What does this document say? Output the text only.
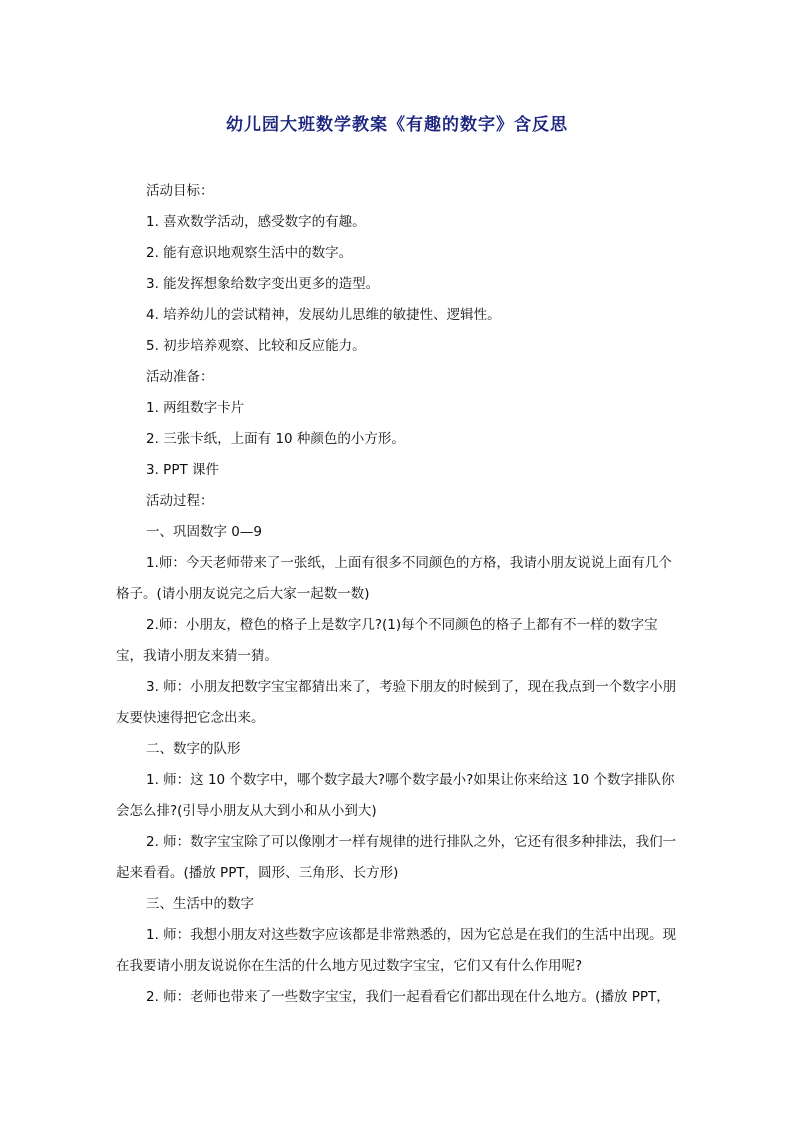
幼儿园大班数学教案《有趣的数字》含反思

活动目标：

1. 喜欢数学活动，感受数字的有趣。

2. 能有意识地观察生活中的数字。

3. 能发挥想象给数字变出更多的造型。

4. 培养幼儿的尝试精神，发展幼儿思维的敏捷性、逻辑性。

5. 初步培养观察、比较和反应能力。

活动准备：

1. 两组数字卡片

2. 三张卡纸，上面有 10 种颜色的小方形。

3. PPT 课件

活动过程：

一、巩固数字 0—9

1.师：今天老师带来了一张纸，上面有很多不同颜色的方格，我请小朋友说说上面有几个格子。(请小朋友说完之后大家一起数一数)

2.师：小朋友，橙色的格子上是数字几?(1)每个不同颜色的格子上都有不一样的数字宝宝，我请小朋友来猜一猜。

3. 师：小朋友把数字宝宝都猜出来了，考验下朋友的时候到了，现在我点到一个数字小朋友要快速得把它念出来。

二、数字的队形

1. 师：这 10 个数字中，哪个数字最大?哪个数字最小?如果让你来给这 10 个数字排队你会怎么排?(引导小朋友从大到小和从小到大)

2. 师：数字宝宝除了可以像刚才一样有规律的进行排队之外，它还有很多种排法，我们一起来看看。(播放 PPT，圆形、三角形、长方形)

三、生活中的数字

1. 师：我想小朋友对这些数字应该都是非常熟悉的，因为它总是在我们的生活中出现。现在我要请小朋友说说你在生活的什么地方见过数字宝宝，它们又有什么作用呢?

2. 师：老师也带来了一些数字宝宝，我们一起看看它们都出现在什么地方。(播放 PPT，
